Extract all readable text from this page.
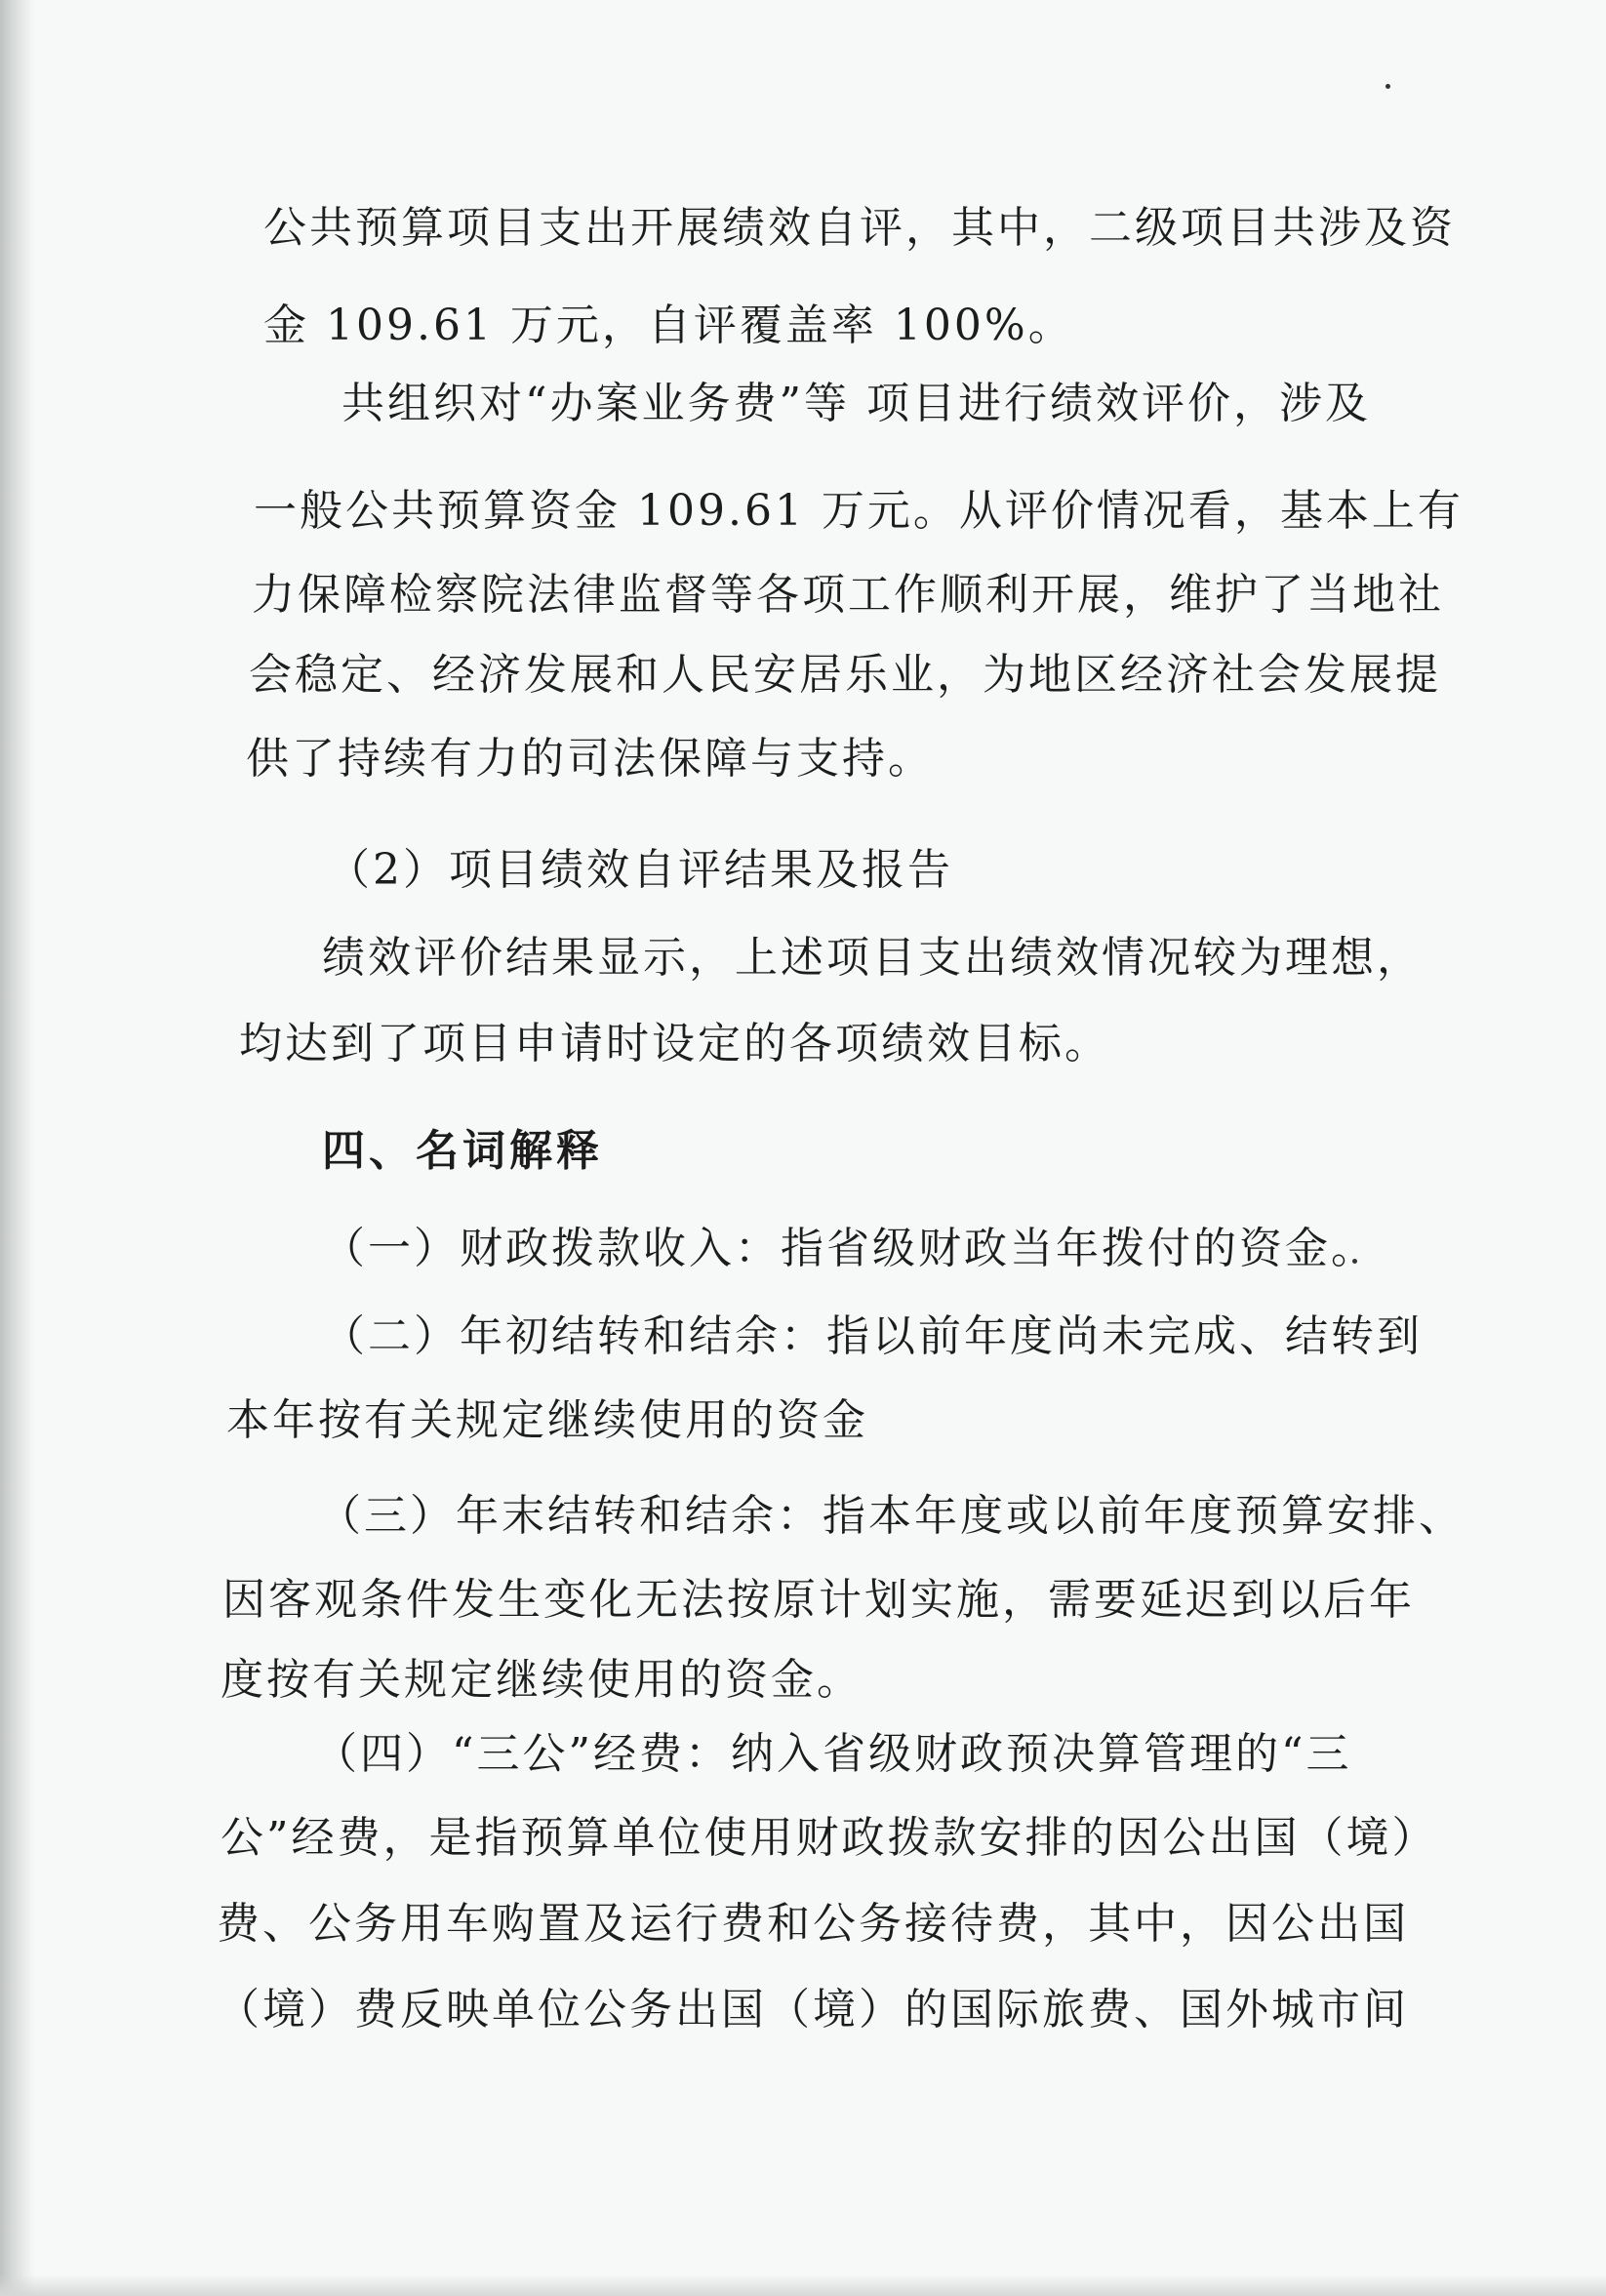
公共预算项目支出开展绩效自评，其中，二级项目共涉及资
金 109.61 万元，自评覆盖率 100%。
共组织对“办案业务费”等 项目进行绩效评价，涉及
一般公共预算资金 109.61 万元。从评价情况看，基本上有
力保障检察院法律监督等各项工作顺利开展，维护了当地社
会稳定、经济发展和人民安居乐业，为地区经济社会发展提
供了持续有力的司法保障与支持。
（2）项目绩效自评结果及报告
绩效评价结果显示，上述项目支出绩效情况较为理想，
均达到了项目申请时设定的各项绩效目标。
四、名词解释
（一）财政拨款收入：指省级财政当年拨付的资金。
（二）年初结转和结余：指以前年度尚未完成、结转到
本年按有关规定继续使用的资金
（三）年末结转和结余：指本年度或以前年度预算安排、
因客观条件发生变化无法按原计划实施，需要延迟到以后年
度按有关规定继续使用的资金。
（四）“三公”经费：纳入省级财政预决算管理的“三
公”经费，是指预算单位使用财政拨款安排的因公出国（境）
费、公务用车购置及运行费和公务接待费，其中，因公出国
（境）费反映单位公务出国（境）的国际旅费、国外城市间
